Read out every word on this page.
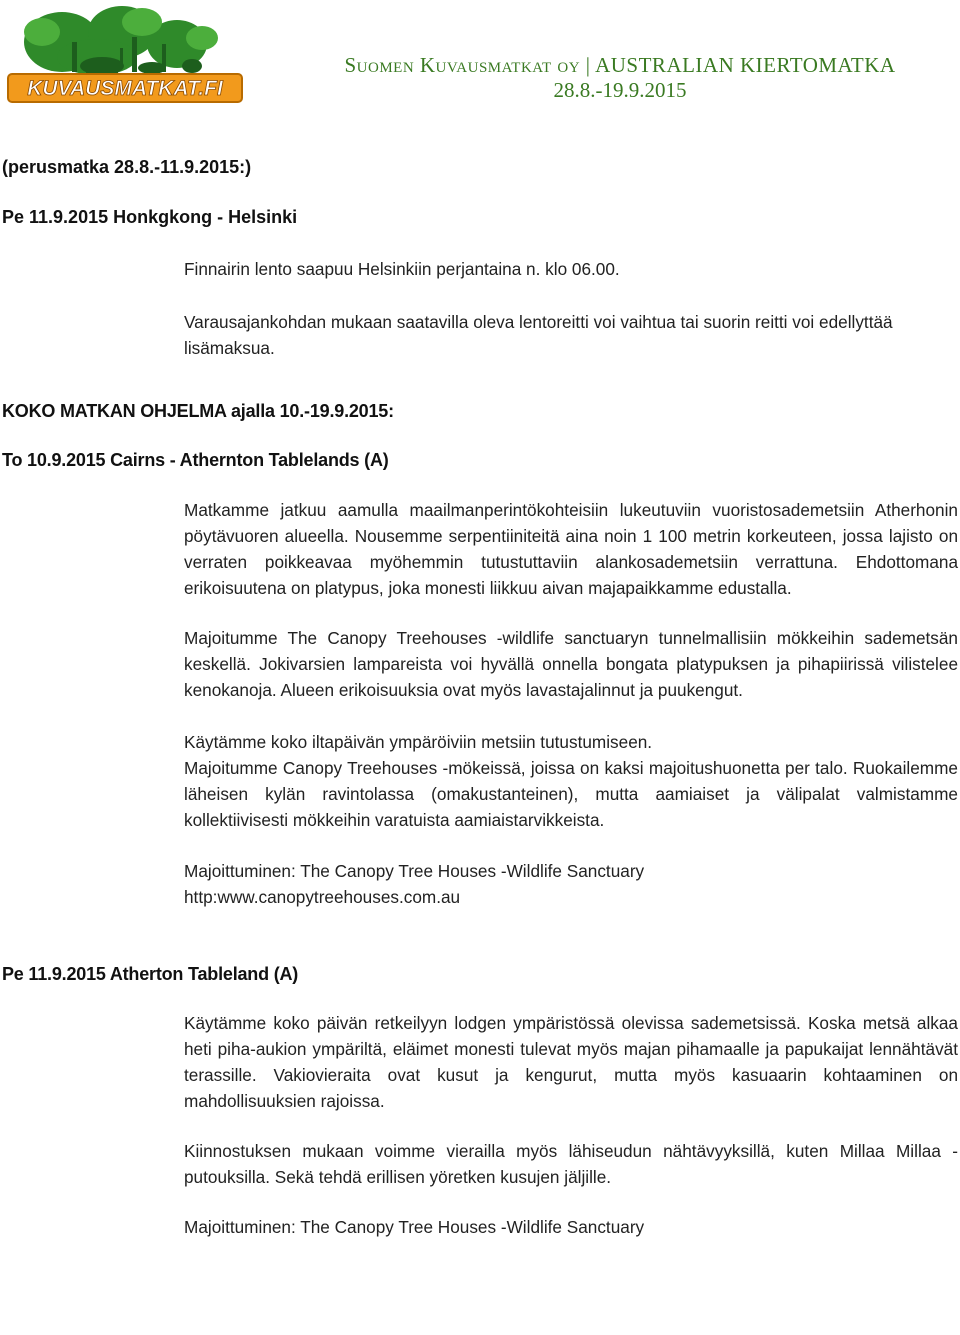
KUVAUSMATKAT.FI
Suomen Kuvausmatkat oy | AUSTRALIAN KIERTOMATKA
28.8.-19.9.2015
(perusmatka 28.8.-11.9.2015:)
Pe 11.9.2015 Honkgkong - Helsinki
Finnairin lento saapuu Helsinkiin perjantaina n. klo 06.00.
Varausajankohdan mukaan saatavilla oleva lentoreitti voi vaihtua tai suorin reitti voi edellyttää lisämaksua.
KOKO MATKAN OHJELMA ajalla 10.-19.9.2015:
To 10.9.2015 Cairns - Athernton Tablelands (A)
Matkamme jatkuu aamulla maailmanperintökohteisiin lukeutuviin vuoristosademetsiin Atherhonin pöytävuoren alueella. Nousemme serpentiiniteitä aina noin 1 100 metrin korkeuteen, jossa lajisto on verraten poikkeavaa myöhemmin tutustuttaviin alankosademetsiin verrattuna. Ehdottomana erikoisuutena on platypus, joka monesti liikkuu aivan majapaikkamme edustalla.
Majoitumme The Canopy Treehouses -wildlife sanctuaryn tunnelmallisiin mökkeihin sademetsän keskellä. Jokivarsien lampareista voi hyvällä onnella bongata platypuksen ja pihapiirissä vilistelee kenokanoja. Alueen erikoisuuksia ovat myös lavastajalinnut ja puukengut.
Käytämme koko iltapäivän ympäröiviin metsiin tutustumiseen.
Majoitumme Canopy Treehouses -mökeissä, joissa on kaksi majoitushuonetta per talo. Ruokailemme läheisen kylän ravintolassa (omakustanteinen), mutta aamiaiset ja välipalat valmistamme kollektiivisesti mökkeihin varatuista aamiaistarvikkeista.
Majoittuminen: The Canopy Tree Houses -Wildlife Sanctuary
http:www.canopytreehouses.com.au
Pe 11.9.2015 Atherton Tableland (A)
Käytämme koko päivän retkeilyyn lodgen ympäristössä olevissa sademetsissä. Koska metsä alkaa heti piha-aukion ympäriltä, eläimet monesti tulevat myös majan pihamaalle ja papukaijat lennähtävät terassille. Vakiovieraita ovat kusut ja kengurut, mutta myös kasuaarin kohtaaminen on mahdollisuuksien rajoissa.
Kiinnostuksen mukaan voimme vierailla myös lähiseudun nähtävyyksillä, kuten Millaa Millaa -putouksilla. Sekä tehdä erillisen yöretken kusujen jäljille.
Majoittuminen: The Canopy Tree Houses -Wildlife Sanctuary
